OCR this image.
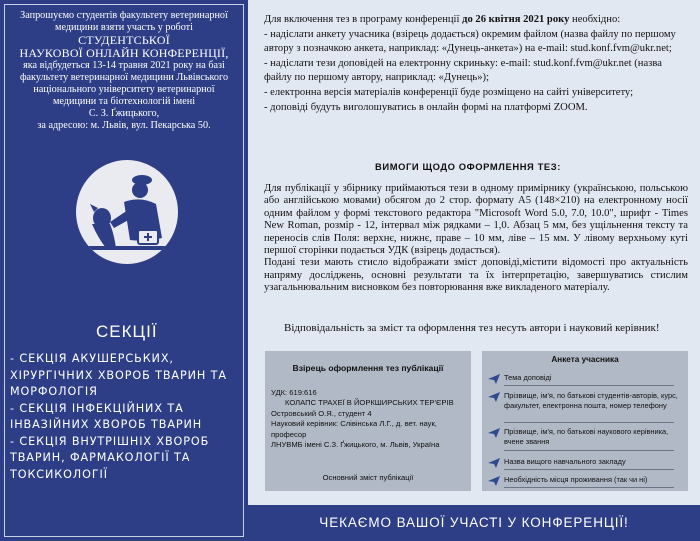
Запрошуємо студентів факультету ветеринарної
медицини взяти участь у роботі
СТУДЕНТСЬКОЇ
НАУКОВОЇ ОНЛАЙН КОНФЕРЕНЦІЇ,
яка відбудеться 13-14 травня 2021 року на базі
факультету ветеринарної медицини Львівського
національного університету ветеринарної
медицини та біотехнологій імені
С. З. Ґжицького,
за адресою: м. Львів, вул. Пекарська 50.
СЕКЦІЇ
- СЕКЦІЯ АКУШЕРСЬКИХ, ХІРУРГІЧНИХ ХВОРОБ ТВАРИН ТА МОРФОЛОГІЯ
- СЕКЦІЯ ІНФЕКЦІЙНИХ ТА ІНВАЗІЙНИХ ХВОРОБ ТВАРИН
- СЕКЦІЯ ВНУТРІШНІХ ХВОРОБ ТВАРИН, ФАРМАКОЛОГІЇ ТА ТОКСИКОЛОГІЇ
Для включення тез в програму конференції до 26 квітня 2021 року необхідно:
- надіслати анкету учасника (взірець додається) окремим файлом (назва файлу по першому автору з позначкою анкета, наприклад: «Дунець-анкета») на e-mail: stud.konf.fvm@ukr.net;
- надіслати тези доповідей на електронну скриньку: e-mail: stud.konf.fvm@ukr.net (назва файлу по першому автору, наприклад: «Дунець»);
- електронна версія матеріалів конференції буде розміщено на сайті університету;
- доповіді будуть виголошуватись в онлайн формі на платформі ZOOM.
ВИМОГИ ЩОДО ОФОРМЛЕННЯ ТЕЗ:
Для публікації у збірнику приймаються тези в одному примірнику (українською, польською або англійською мовами) обсягом до 2 стор. формату А5 (148×210) на електронному носії одним файлом у формі текстового редактора "Microsoft Word 5.0, 7.0, 10.0", шрифт - Times New Roman, розмір - 12, інтервал між рядками – 1,0. Абзац 5 мм, без ущільнення тексту та переносів слів Поля: верхнє, нижнє, праве – 10 мм, ліве – 15 мм. У лівому верхньому куті першої сторінки подається УДК (взірець додасться).
Подані тези мають стисло відображати зміст доповіді,містити відомості про актуальність напряму досліджень, основні результати та їх інтерпретацію, завершуватись стислим узагальнювальним висновком без повторювання вже викладеного матеріалу.
Відповідальність за зміст та оформлення тез несуть автори і науковий керівник!
Взірець оформлення тез публікації
УДК: 619:616
КОЛАПС ТРАХЕЇ В ЙОРКШИРСЬКИХ ТЕР'ЄРІВ
Островський О.Я., студент 4
Науковий керівник: Слівінська Л.Г., д. вет. наук,
професор
ЛНУВМБ імені С.З. Ґжицького, м. Львів, Україна
Основний зміст публікації
Анкета учасника
Тема доповіді
Прізвище, ім'я, по батькові студентів-авторів, курс, факультет, електронна пошта, номер телефону
Прізвище, ім'я, по батькові наукового керівника, вчене звання
Назва вищого навчального закладу
Необхідність місця проживання (так чи ні)
ЧЕКАЄМО ВАШОЇ УЧАСТІ У КОНФЕРЕНЦІЇ!
